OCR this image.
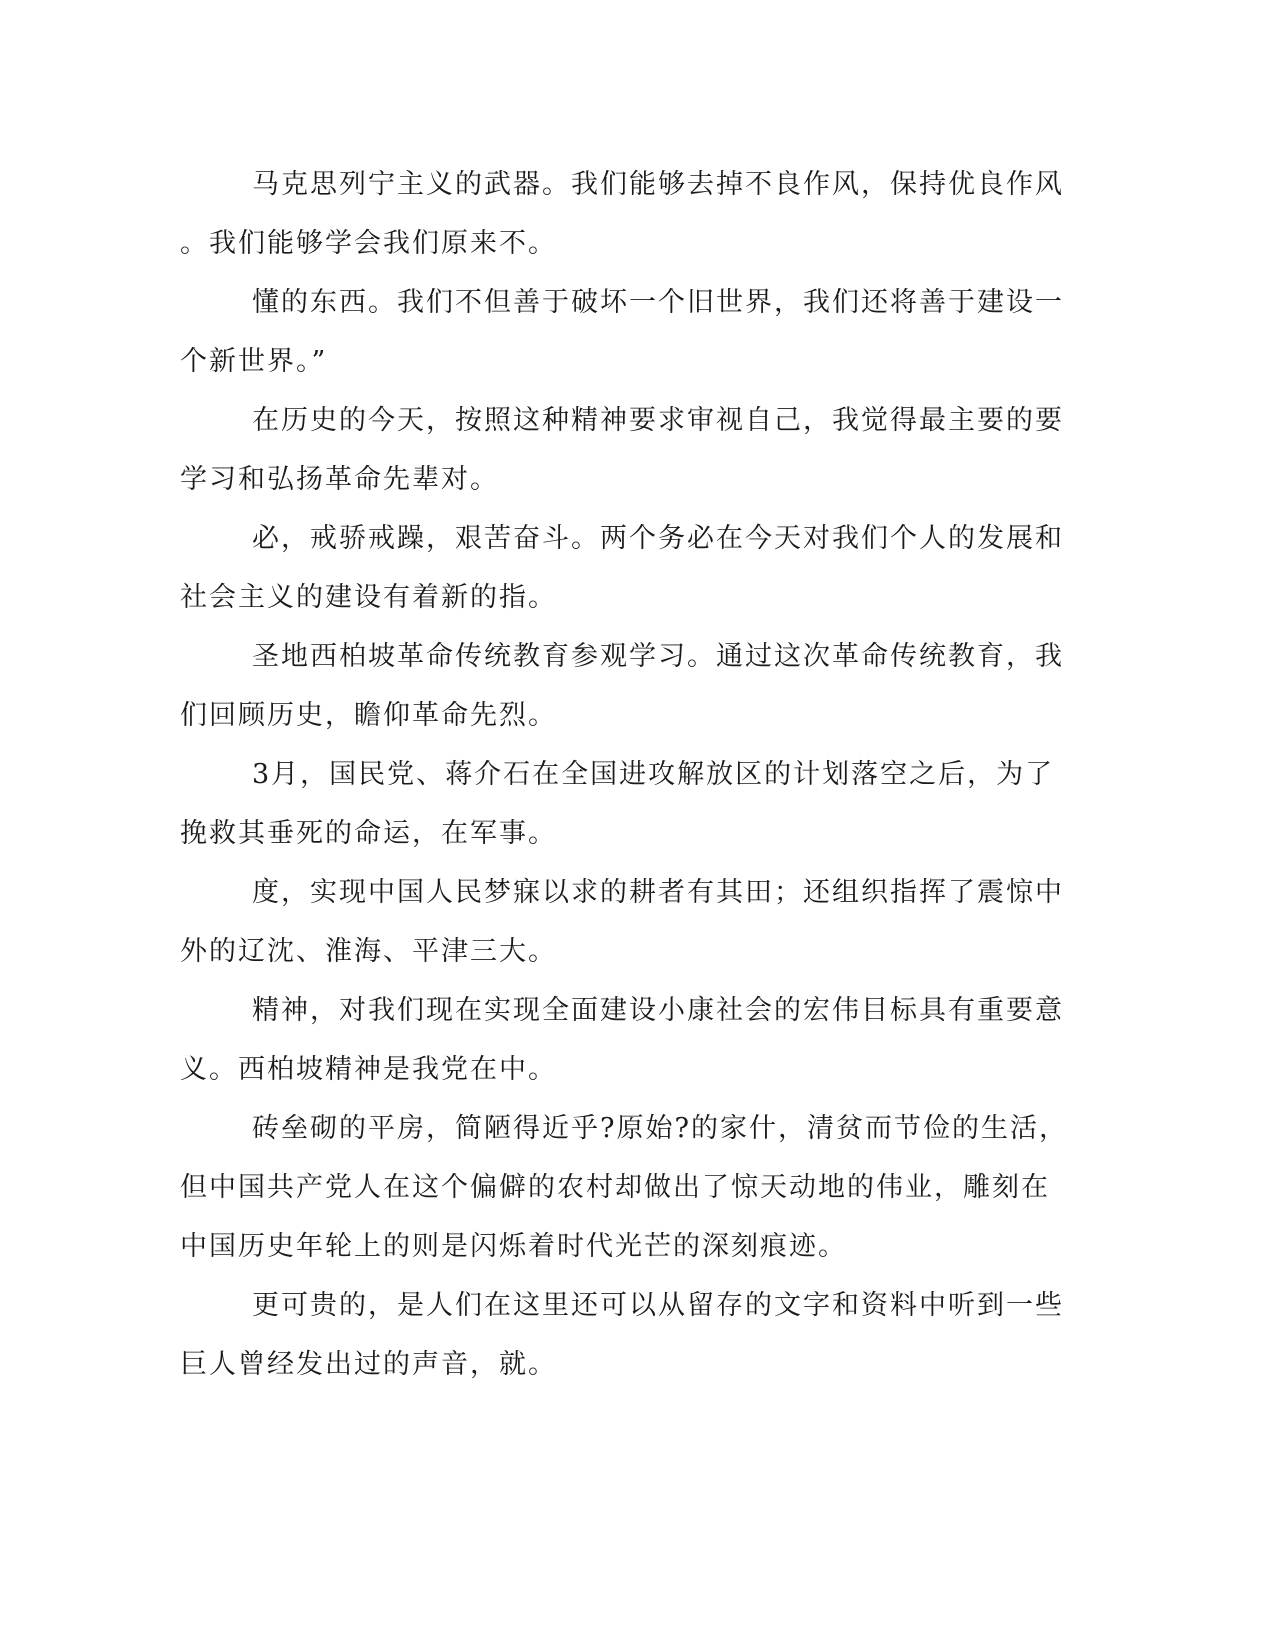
马克思列宁主义的武器。我们能够去掉不良作风，保持优良作风
。我们能够学会我们原来不。

懂的东西。我们不但善于破坏一个旧世界，我们还将善于建设一
个新世界。”

在历史的今天，按照这种精神要求审视自己，我觉得最主要的要
学习和弘扬革命先辈对。

必，戒骄戒躁，艰苦奋斗。两个务必在今天对我们个人的发展和
社会主义的建设有着新的指。

圣地西柏坡革命传统教育参观学习。通过这次革命传统教育，我
们回顾历史，瞻仰革命先烈。

3月，国民党、蒋介石在全国进攻解放区的计划落空之后，为了
挽救其垂死的命运，在军事。

度，实现中国人民梦寐以求的耕者有其田；还组织指挥了震惊中
外的辽沈、淮海、平津三大。

精神，对我们现在实现全面建设小康社会的宏伟目标具有重要意
义。西柏坡精神是我党在中。

砖垒砌的平房，简陋得近乎?原始?的家什，清贫而节俭的生活，
但中国共产党人在这个偏僻的农村却做出了惊天动地的伟业，雕刻在
中国历史年轮上的则是闪烁着时代光芒的深刻痕迹。

更可贵的，是人们在这里还可以从留存的文字和资料中听到一些
巨人曾经发出过的声音，就。
